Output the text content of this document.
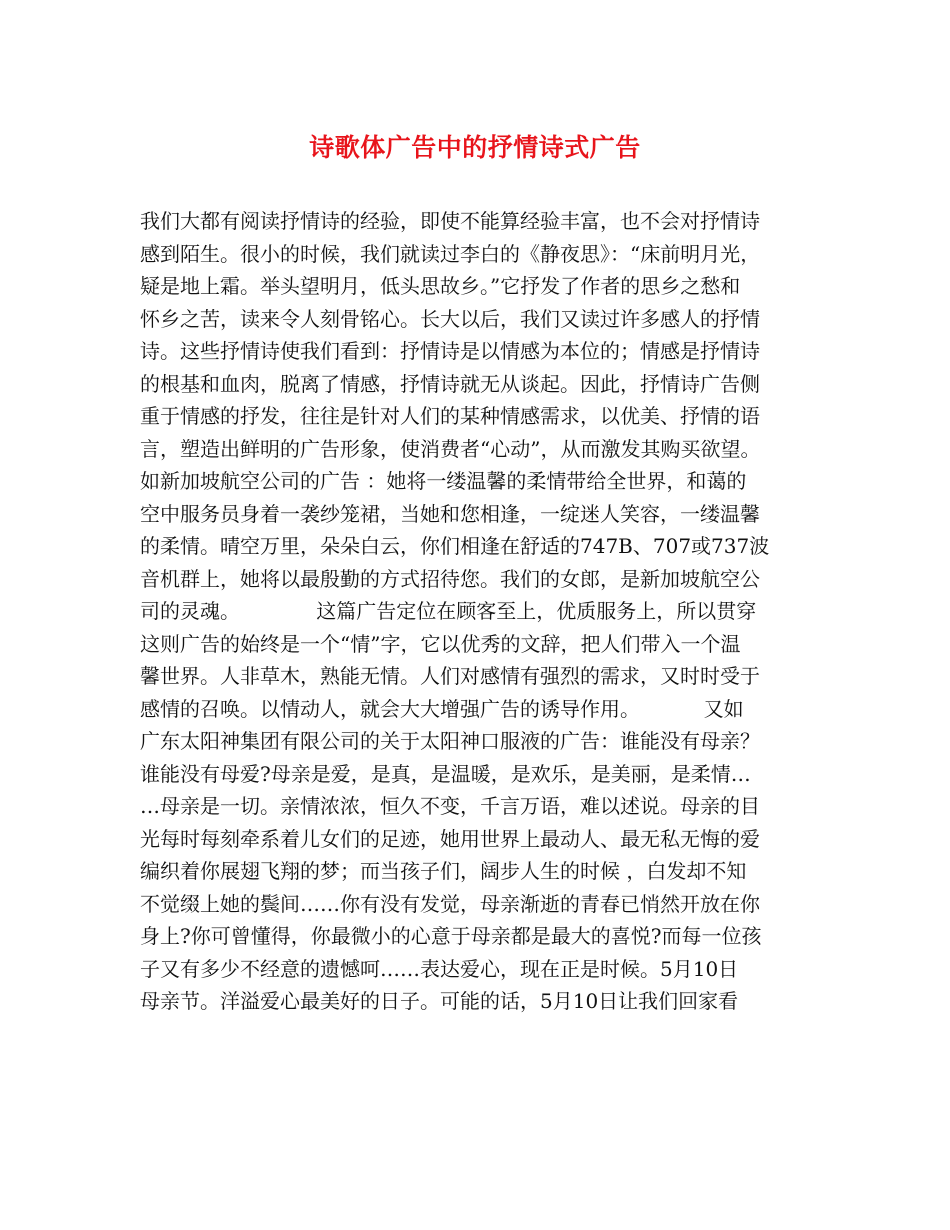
诗歌体广告中的抒情诗式广告
我们大都有阅读抒情诗的经验，即使不能算经验丰富，也不会对抒情诗
感到陌生。很小的时候，我们就读过李白的《静夜思》：“床前明月光，
疑是地上霜。举头望明月，低头思故乡。”它抒发了作者的思乡之愁和
怀乡之苦，读来令人刻骨铭心。长大以后，我们又读过许多感人的抒情
诗。这些抒情诗使我们看到：抒情诗是以情感为本位的；情感是抒情诗
的根基和血肉，脱离了情感，抒情诗就无从谈起。因此，抒情诗广告侧
重于情感的抒发，往往是针对人们的某种情感需求，以优美、抒情的语
言，塑造出鲜明的广告形象，使消费者“心动”，从而激发其购买欲望。
如新加坡航空公司的广告 ：她将一缕温馨的柔情带给全世界，和蔼的
空中服务员身着一袭纱笼裙，当她和您相逢，一绽迷人笑容，一缕温馨
的柔情。晴空万里，朵朵白云，你们相逢在舒适的747B、707或737波
音机群上，她将以最殷勤的方式招待您。我们的女郎，是新加坡航空公
司的灵魂。            这篇广告定位在顾客至上，优质服务上，所以贯穿
这则广告的始终是一个“情”字，它以优秀的文辞，把人们带入一个温
馨世界。人非草木，熟能无情。人们对感情有强烈的需求，又时时受于
感情的召唤。以情动人，就会大大增强广告的诱导作用。          又如
广东太阳神集团有限公司的关于太阳神口服液的广告：谁能没有母亲？
谁能没有母爱?母亲是爱，是真，是温暖，是欢乐，是美丽，是柔情…
…母亲是一切。亲情浓浓，恒久不变，千言万语，难以述说。母亲的目
光每时每刻牵系着儿女们的足迹，她用世界上最动人、最无私无悔的爱
编织着你展翅飞翔的梦；而当孩子们，阔步人生的时候 ，白发却不知
不觉缀上她的鬓间……你有没有发觉，母亲渐逝的青春已悄然开放在你
身上?你可曾懂得，你最微小的心意于母亲都是最大的喜悦?而每一位孩
子又有多少不经意的遗憾呵……表达爱心，现在正是时候。5月10日
母亲节。洋溢爱心最美好的日子。可能的话，5月10日让我们回家看
